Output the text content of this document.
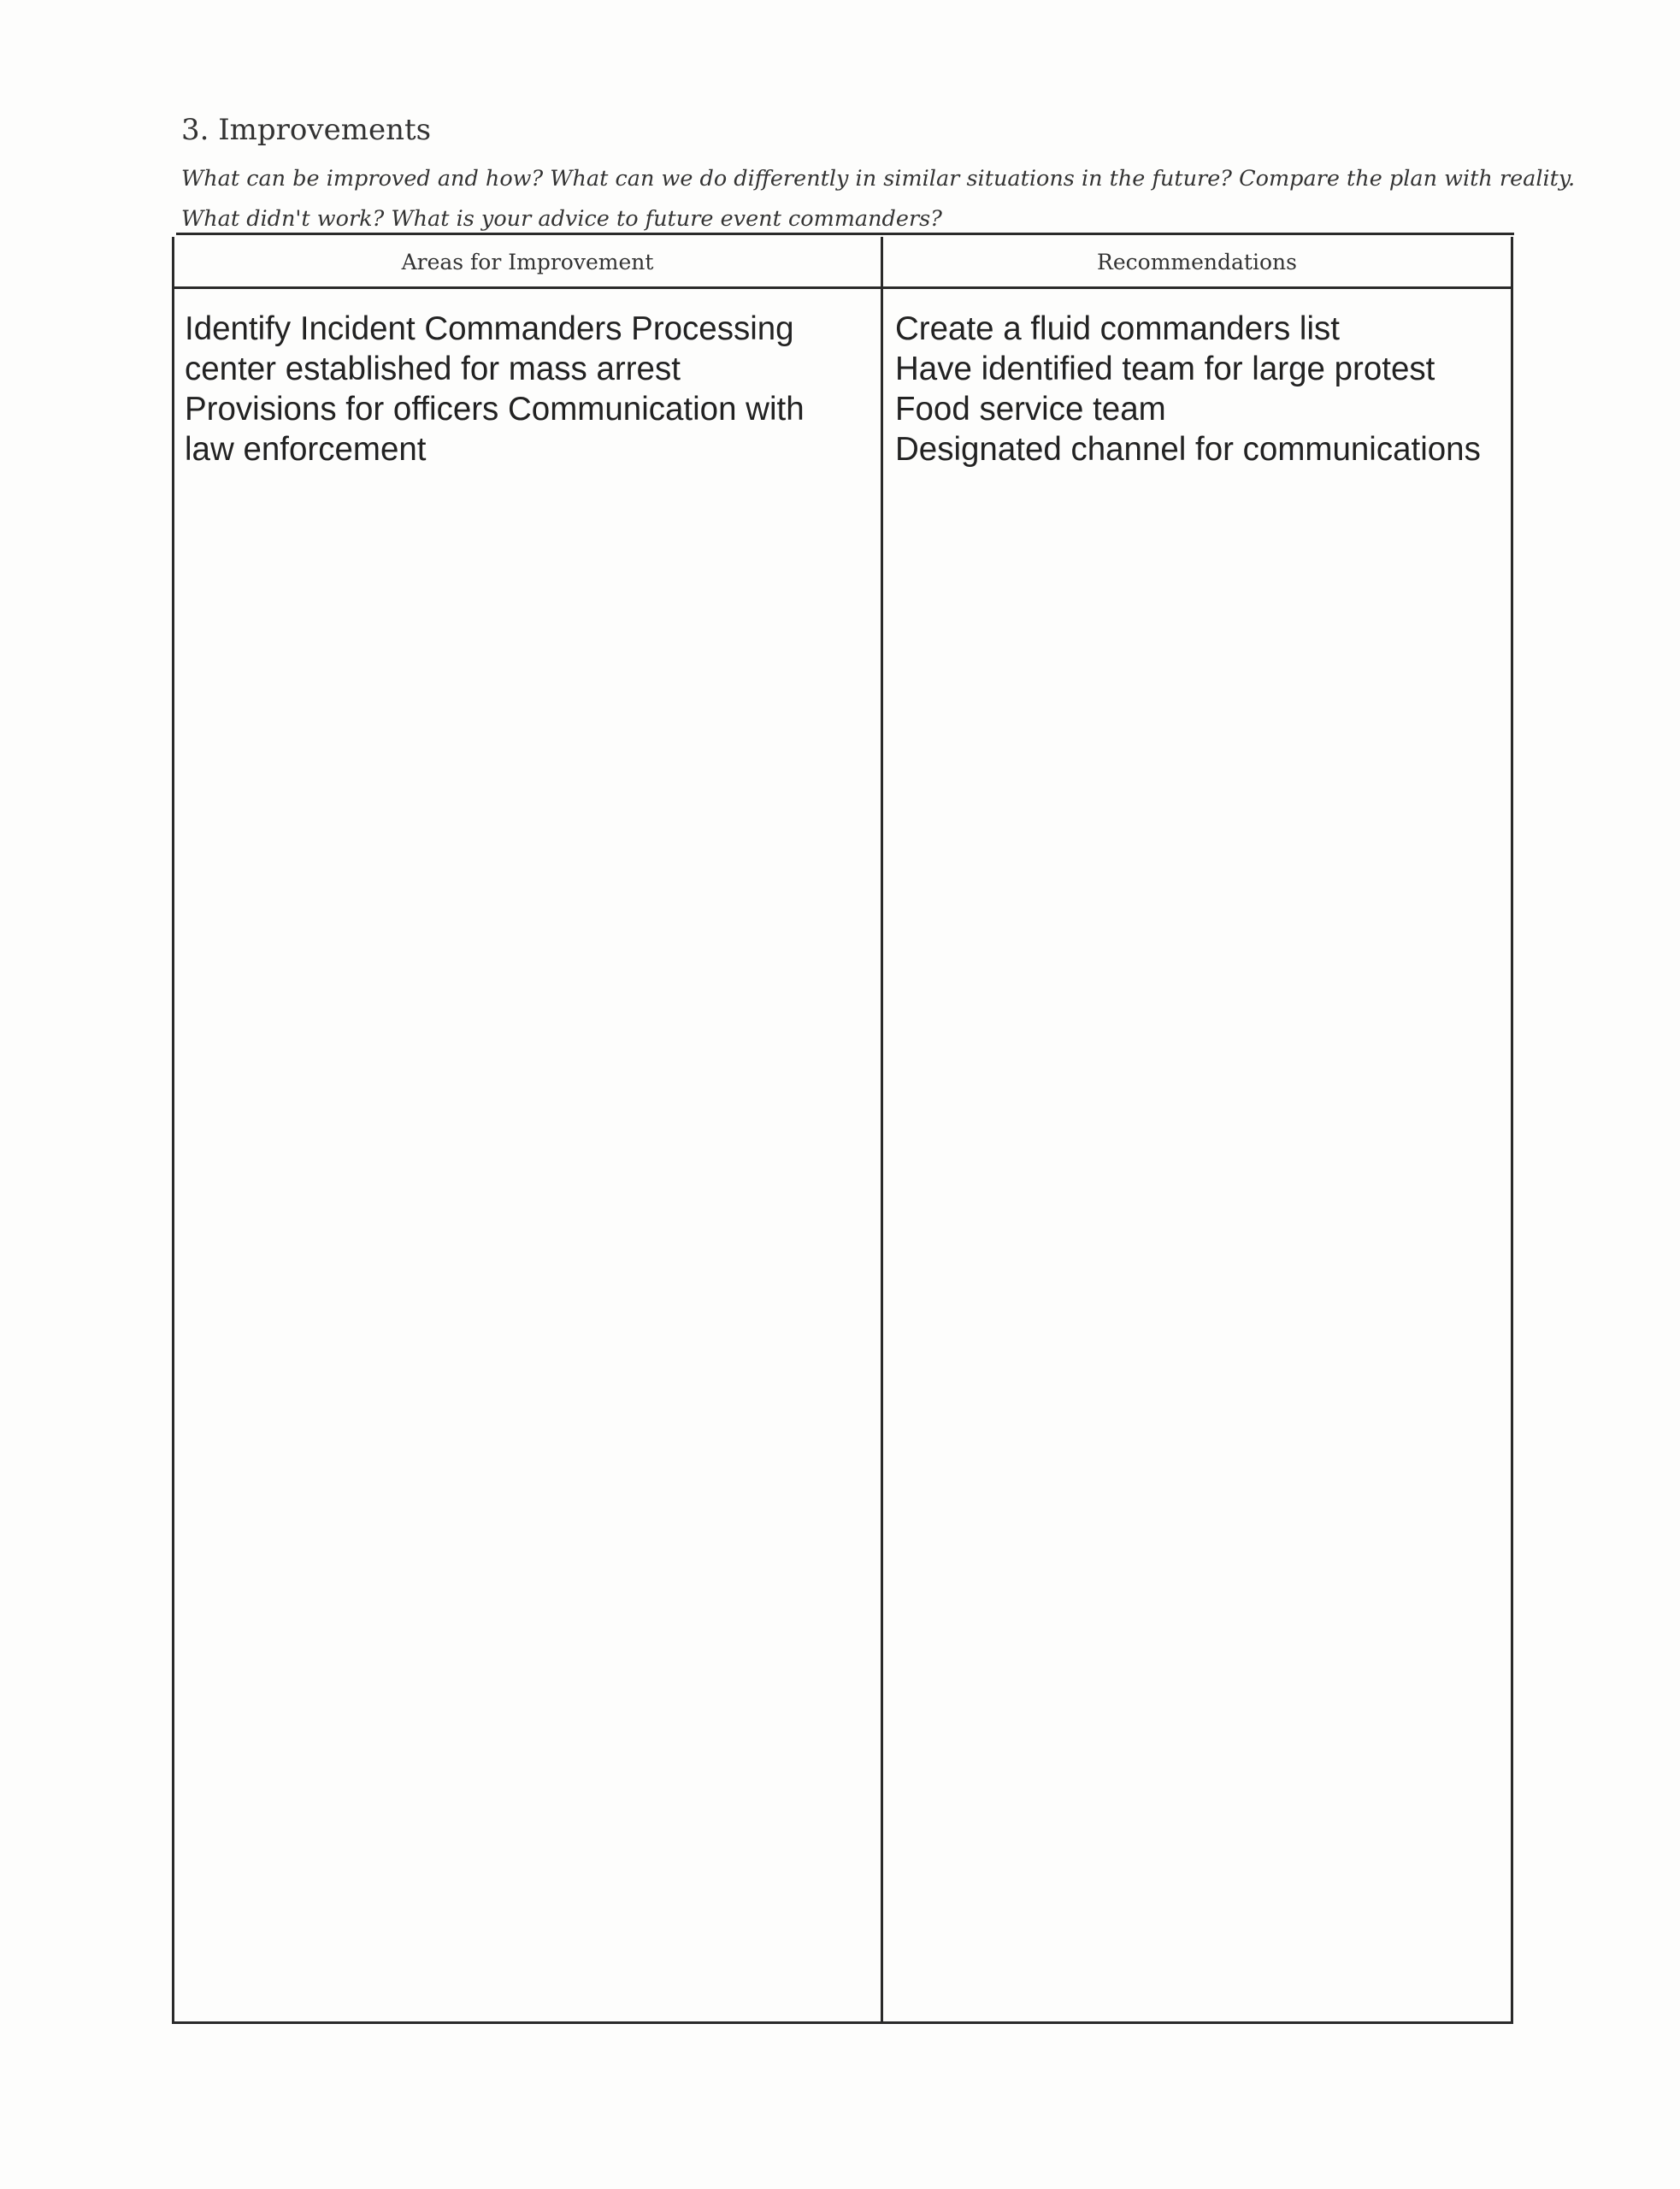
3. Improvements
What can be improved and how? What can we do differently in similar situations in the future? Compare the plan with reality.
What didn't work? What is your advice to future event commanders?
Areas for Improvement	Recommendations
Identify Incident Commanders Processing
center established for mass arrest
Provisions for officers Communication with
law enforcement
Create a fluid commanders list
Have identified team for large protest
Food service team
Designated channel for communications
